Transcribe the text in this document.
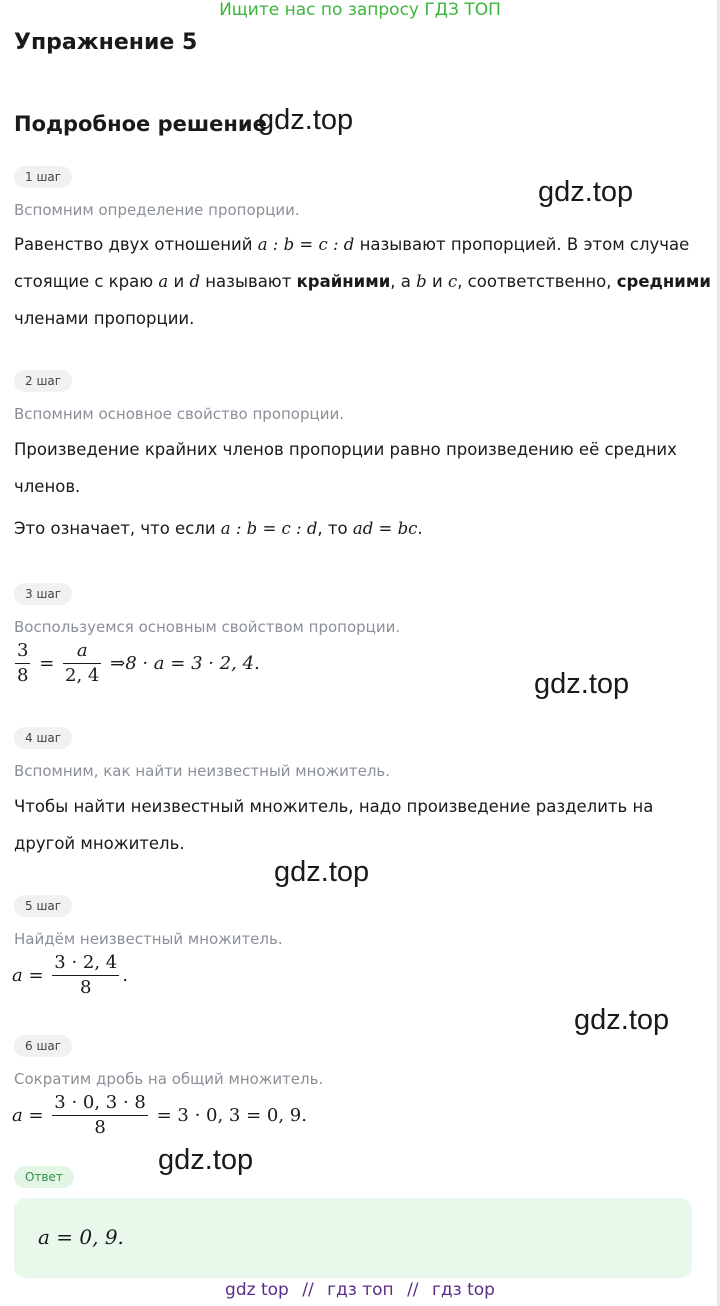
Ищите нас по запросу ГДЗ ТОП
Упражнение 5
Подробное решение
gdz.top
gdz.top
gdz.top
gdz.top
gdz.top
gdz.top
1 шаг
Вспомним определение пропорции.
Равенство двух отношений a : b = c : d называют пропорцией. В этом случае
стоящие с краю a и d называют крайними, а b и c, соответственно, средними
членами пропорции.
2 шаг
Вспомним основное свойство пропорции.
Произведение крайних членов пропорции равно произведению её средних
членов.
Это означает, что если a : b = c : d, то ad = bc.
3 шаг
Воспользуемся основным свойством пропорции.
$\frac{3}{8} = \frac{a}{2, 4}$ ⇒8 · a = 3 · 2, 4.
4 шаг
Вспомним, как найти неизвестный множитель.
Чтобы найти неизвестный множитель, надо произведение разделить на
другой множитель.
5 шаг
Найдём неизвестный множитель.
$a = \frac{3 \cdot 2, 4}{8}$ .
6 шаг
Сократим дробь на общий множитель.
$a = \frac{3 \cdot 0, 3 \cdot 8}{8} = 3 \cdot 0$, 3 = 0, 9.
Ответ
a = 0, 9.
gdz top // гдз топ // гдз top
